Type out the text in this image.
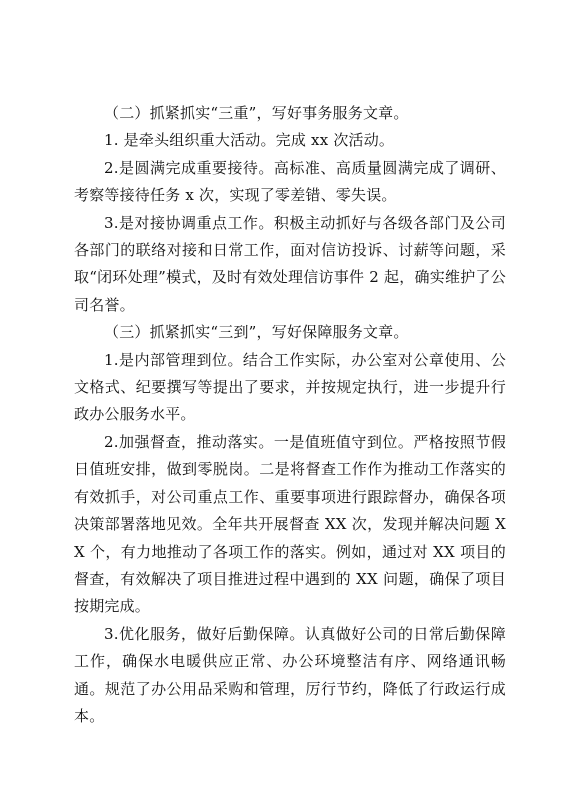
（二）抓紧抓实“三重”，写好事务服务文章。

1. 是牵头组织重大活动。完成 xx 次活动。

2.是圆满完成重要接待。高标准、高质量圆满完成了调研、考察等接待任务 x 次，实现了零差错、零失误。

3.是对接协调重点工作。积极主动抓好与各级各部门及公司各部门的联络对接和日常工作，面对信访投诉、讨薪等问题，采取“闭环处理”模式，及时有效处理信访事件 2 起，确实维护了公司名誉。

（三）抓紧抓实“三到”，写好保障服务文章。

1.是内部管理到位。结合工作实际，办公室对公章使用、公文格式、纪要撰写等提出了要求，并按规定执行，进一步提升行政办公服务水平。

2.加强督查，推动落实。一是值班值守到位。严格按照节假日值班安排，做到零脱岗。二是将督查工作作为推动工作落实的有效抓手，对公司重点工作、重要事项进行跟踪督办，确保各项决策部署落地见效。全年共开展督查 XX 次，发现并解决问题 XX 个，有力地推动了各项工作的落实。例如，通过对 XX 项目的督查，有效解决了项目推进过程中遇到的 XX 问题，确保了项目按期完成。

3.优化服务，做好后勤保障。认真做好公司的日常后勤保障工作，确保水电暖供应正常、办公环境整洁有序、网络通讯畅通。规范了办公用品采购和管理，厉行节约，降低了行政运行成本。
